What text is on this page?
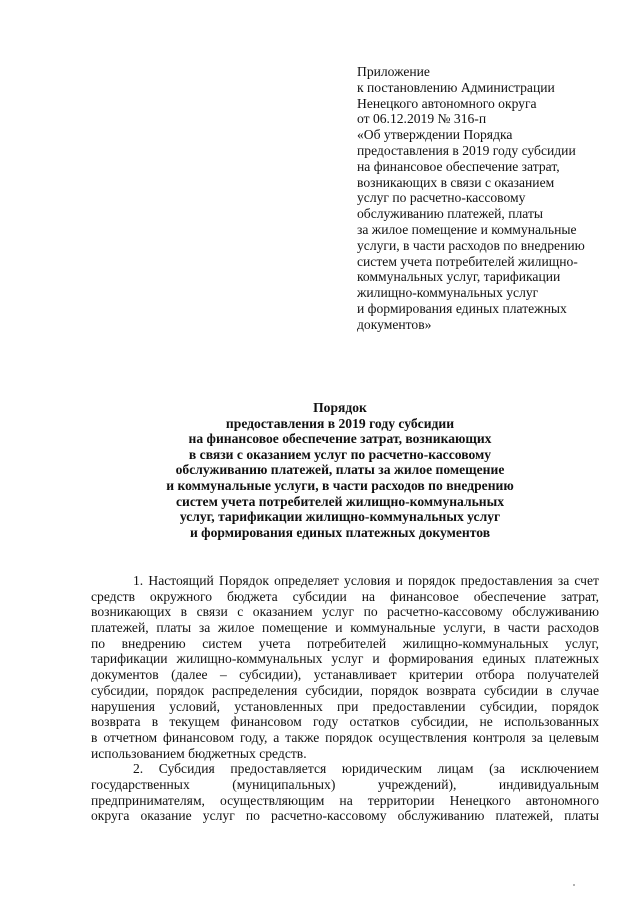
Приложение
к постановлению Администрации
Ненецкого автономного округа
от 06.12.2019 № 316-п
«Об утверждении Порядка
предоставления в 2019 году субсидии
на финансовое обеспечение затрат,
возникающих в связи с оказанием
услуг по расчетно-кассовому
обслуживанию платежей, платы
за жилое помещение и коммунальные
услуги, в части расходов по внедрению
систем учета потребителей жилищно-
коммунальных услуг, тарификации
жилищно-коммунальных услуг
и формирования единых платежных
документов»
Порядок
предоставления в 2019 году субсидии
на финансовое обеспечение затрат, возникающих
в связи с оказанием услуг по расчетно-кассовому
обслуживанию платежей, платы за жилое помещение
и коммунальные услуги, в части расходов по внедрению
систем учета потребителей жилищно-коммунальных
услуг, тарификации жилищно-коммунальных услуг
и формирования единых платежных документов
1. Настоящий Порядок определяет условия и порядок предоставления за счет
средств окружного бюджета субсидии на финансовое обеспечение затрат,
возникающих в связи с оказанием услуг по расчетно-кассовому обслуживанию
платежей, платы за жилое помещение и коммунальные услуги, в части расходов
по внедрению систем учета потребителей жилищно-коммунальных услуг,
тарификации жилищно-коммунальных услуг и формирования единых платежных
документов (далее – субсидии), устанавливает критерии отбора получателей
субсидии, порядок распределения субсидии, порядок возврата субсидии в случае
нарушения условий, установленных при предоставлении субсидии, порядок
возврата в текущем финансовом году остатков субсидии, не использованных
в отчетном финансовом году, а также порядок осуществления контроля за целевым
использованием бюджетных средств.
2. Субсидия предоставляется юридическим лицам (за исключением
государственных (муниципальных) учреждений), индивидуальным
предпринимателям, осуществляющим на территории Ненецкого автономного
округа оказание услуг по расчетно-кассовому обслуживанию платежей, платы
